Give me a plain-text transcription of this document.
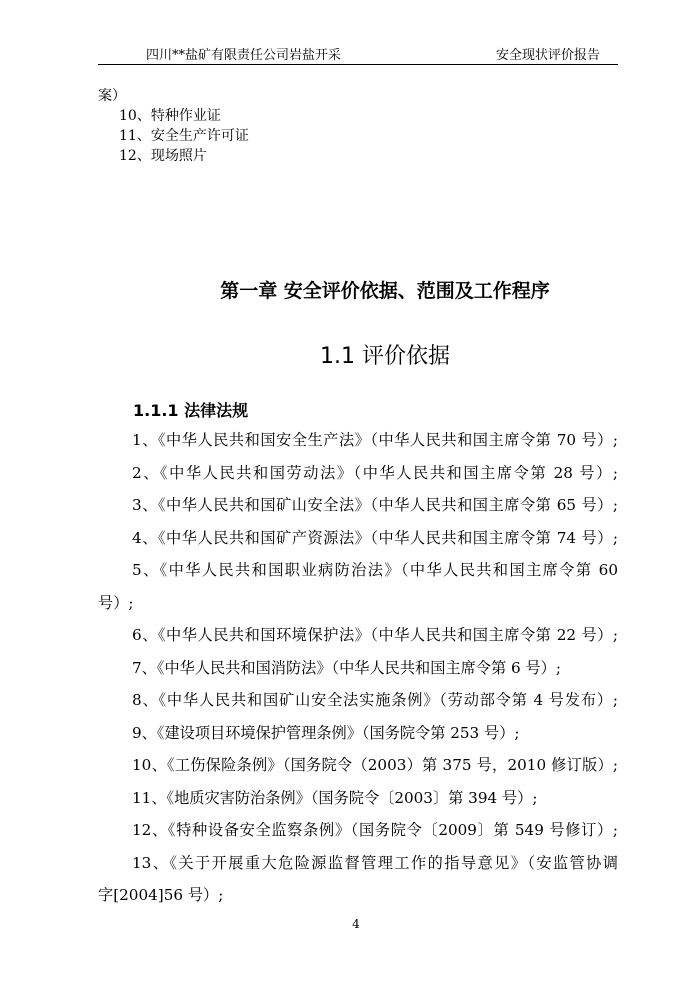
四川**盐矿有限责任公司岩盐开采	安全现状评价报告
案）
10、特种作业证
11、安全生产许可证
12、现场照片
第一章 安全评价依据、范围及工作程序
1.1 评价依据
1.1.1 法律法规
1、《中华人民共和国安全生产法》（中华人民共和国主席令第 70 号）;
2、《中华人民共和国劳动法》（中华人民共和国主席令第 28 号）;
3、《中华人民共和国矿山安全法》（中华人民共和国主席令第 65 号）;
4、《中华人民共和国矿产资源法》（中华人民共和国主席令第 74 号）;
5、《中华人民共和国职业病防治法》（中华人民共和国主席令第 60
号）;
6、《中华人民共和国环境保护法》（中华人民共和国主席令第 22 号）;
7、《中华人民共和国消防法》（中华人民共和国主席令第 6 号）;
8、《中华人民共和国矿山安全法实施条例》（劳动部令第 4 号发布）;
9、《建设项目环境保护管理条例》（国务院令第 253 号）;
10、《工伤保险条例》（国务院令（2003）第 375 号，2010 修订版）;
11、《地质灾害防治条例》（国务院令〔2003〕第 394 号）;
12、《特种设备安全监察条例》（国务院令〔2009〕第 549 号修订）;
13、《关于开展重大危险源监督管理工作的指导意见》（安监管协调
字[2004]56 号）;
4
